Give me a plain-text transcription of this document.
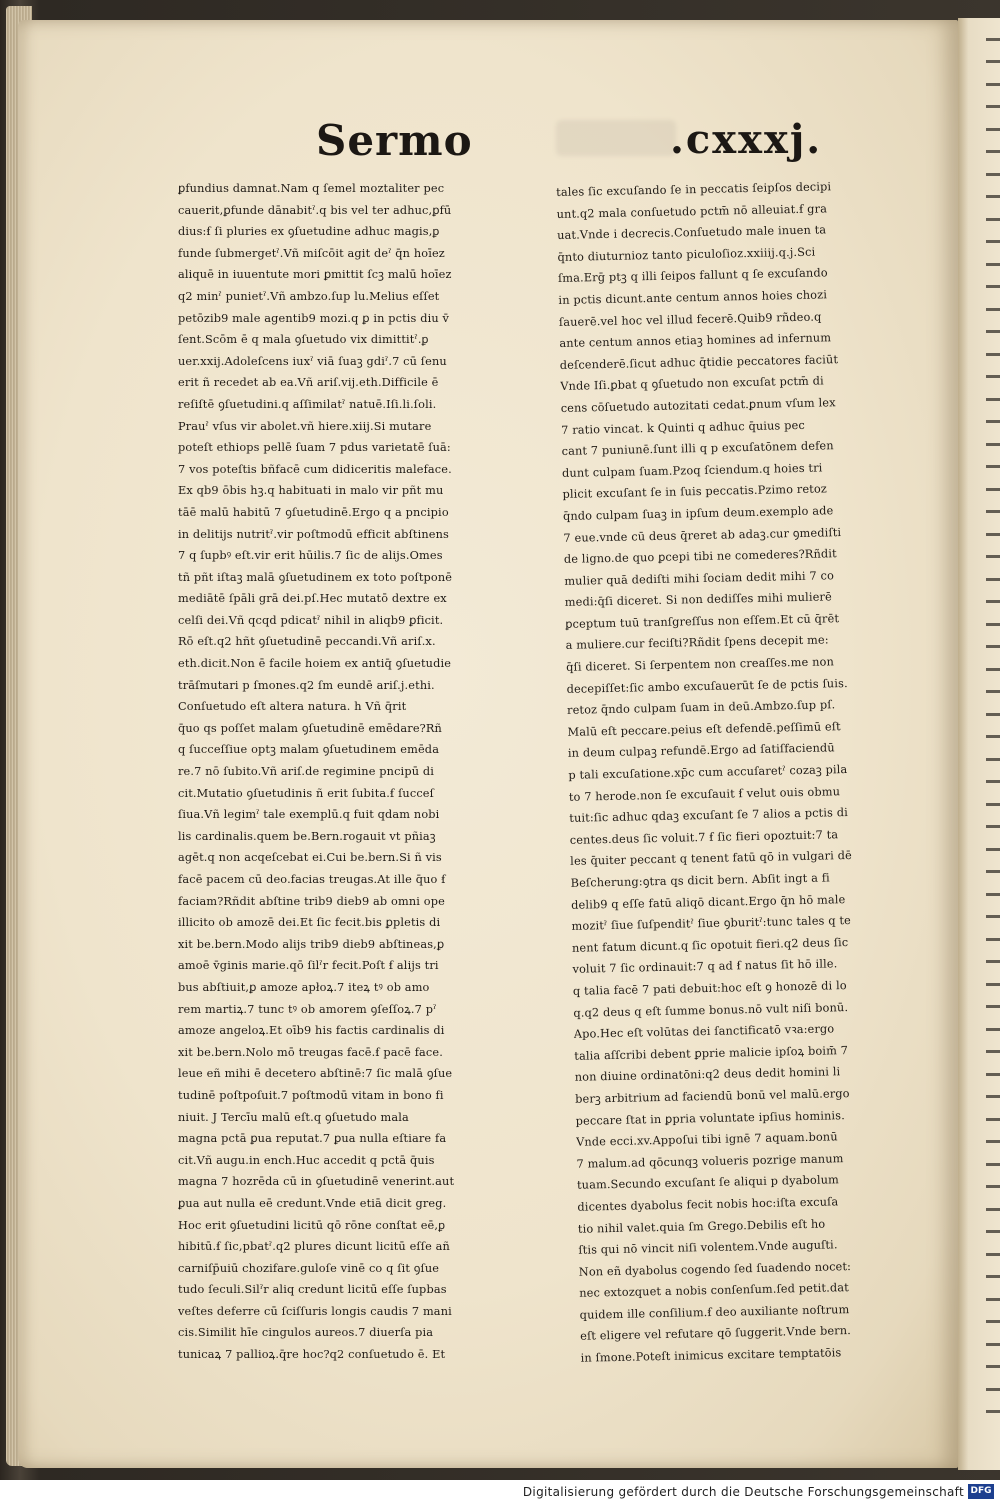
Sermo	.cxxxj.
ꝑfundius damnat.Nam q ſemel moztaliter pec
cauerit,ꝑfunde dānabitˀ.q bis vel ter adhuc,ꝑfū
dius:ẜ ſi pluries ex ꝯſuetudine adhuc magis,ꝑ
funde ſubmergetˀ.Vñ miſcōit agit deˀ q̄n hoīez
aliquē in iuuentute mori ꝑmittit ſcꝫ malū hoīez
q2 minˀ punietˀ.Vñ ambzo.ſup lu.Melius eſſet
petōzib9 male agentib9 mozi.q ꝑ in pctis diu v̄
ſent.Scōm ē q mala ꝯſuetudo vix dimittitˀ.ꝑ
uer.xxij.Adoleſcens iuxˀ viā ſuaꝫ gdiˀ.7 cū ſenu
erit ñ recedet ab ea.Vñ ariſ.vij.eth.Difficile ē
reſiſtē ꝯſuetudini.q aſſimilatˀ natuē.Iſi.li.ſoli.
Prauˀ vſus vir abolet.vñ hiere.xiij.Si mutare
poteſt ethiops pellē ſuam 7 pdus varietatē ſuā:
7 vos poteſtis bñfacē cum didiceritis maleface.
Ex qb9 ōbis hꝫ.q habituati in malo vir pñt mu
tāē malū habitū 7 ꝯſuetudinē.Ergo q a pncipio
in delitijs nutritˀ.vir poſtmodū efficit abſtinens
7 q ſupbꝰ eſt.vir erit hūilis.7 ſic de alijs.Omes
tñ pñt iſtaꝫ malā ꝯſuetudinem ex toto poſtponē
mediātē ſpāli grā dei.pſ.Hec mutatō dextre ex
celſi dei.Vñ qcqd pdicatˀ nihil in aliqb9 ꝑficit.
Rō eſt.q2 hñt ꝯſuetudinē peccandi.Vñ ariſ.x.
eth.dicit.Non ē facile hoiem ex antiq̄ ꝯſuetudie
trāſmutari p ſmones.q2 ſm eundē ariſ.j.ethi.
Conſuetudo eſt altera natura. h Vñ q̄rit
q̄uo qs poſſet malam ꝯſuetudinē emēdare?Rñ
q ſucceſſiue optꝫ malam ꝯſuetudinem emēda
re.7 nō ſubito.Vñ ariſ.de regimine pncipū di
cit.Mutatio ꝯſuetudinis ñ erit ſubita.ẜ ſucceſ
ſiua.Vñ legimˀ tale exemplū.q fuit qdam nobi
lis cardinalis.quem be.Bern.rogauit vt pñiaꝫ
agēt.q non acqeſcebat ei.Cui be.bern.Si ñ vis
facē pacem cū deo.facias treugas.At ille q̄uo ẜ
faciam?Rñdit abſtine trib9 dieb9 ab omni ope
illicito ob amozē dei.Et ſic fecit.bis ꝑpletis di
xit be.bern.Modo alijs trib9 dieb9 abſtineas,ꝑ
amoē v̄ginis marie.qō ſilˀr fecit.Poſt ẜ alijs tri
bus abſtiuit,ꝑ amoze apłoꝝ.7 iteꝝ tꝰ ob amo
rem martiꝝ.7 tunc tꝰ ob amorem ꝯſeſſoꝝ.7 pˀ
amoze angeloꝝ.Et oīb9 his factis cardinalis di
xit be.bern.Nolo mō treugas facē.ẜ pacē face.
leue eñ mihi ē decetero abſtinē:7 ſic malā ꝯſue
tudinē poſtpoſuit.7 poſtmodū vitam in bono fi
niuit. J Tercīu malū eſt.q ꝯſuetudo mala
magna pctā ꝑua reputat.7 ꝑua nulla eſtiare fa
cit.Vñ augu.in ench.Huc accedit q pctā q̄uis
magna 7 hozrēda cū in ꝯſuetudinē venerint.aut
ꝑua aut nulla eē credunt.Vnde etiā dicit greg.
Hoc erit ꝯſuetudini licitū qō rōne conſtat eē,ꝑ
hibitū.ẜ ſic,pbatˀ.q2 plures dicunt licitū eſſe añ
carniſp̄uiū chozifare.guloſe vinē co q ſit ꝯſue
tudo ſeculi.Silˀr aliq credunt licitū eſſe ſupbas
veſtes deferre cū ſciſſuris longis caudis 7 mani
cis.Similit hīe cingulos aureos.7 diuerſa pia
tunicaꝝ 7 pallioꝝ.q̄re hoc?q2 conſuetudo ē. Et
tales ſic excuſando ſe in peccatis ſeipſos decipi
unt.q2 mala conſuetudo pctm̄ nō alleuiat.ẜ gra
uat.Vnde i decrecis.Conſuetudo male inuen ta
q̄nto diuturnioz tanto piculoſioz.xxiiij.q.j.Sci
ſma.Erḡ ptꝫ q illi ſeipos fallunt q ſe excuſando
in pctis dicunt.ante centum annos hoies chozi
ſauerē.vel hoc vel illud fecerē.Quib9 rñdeo.q
ante centum annos etiaꝫ homines ad infernum
deſcenderē.ſicut adhuc q̄tidie peccatores faciūt
Vnde Iſi.ꝑbat q ꝯſuetudo non excuſat pctm̄ di
cens cōſuetudo autozitati cedat.ꝑnum vſum lex
7 ratio vincat. k Quinti q adhuc q̄uius pec
cant 7 puniunē.ſunt illi q p excuſatōnem defen
dunt culpam ſuam.Pzoq ſciendum.q hoies tri
plicit excuſant ſe in ſuis peccatis.Pzimo retoz
q̄ndo culpam ſuaꝫ in ipſum deum.exemplo ade
7 eue.vnde cū deus q̄reret ab adaꝫ.cur ꝯmediſti
de ligno.de quo ꝑcepi tibi ne comederes?Rñdit
mulier quā dediſti mihi ſociam dedit mihi 7 co
medi:q̄ſi diceret. Si non dediſſes mihi mulierē
ꝑceptum tuū tranſgreſſus non eſſem.Et cū q̄rēt
a muliere.cur feciſti?Rñdit ſpens decepit me:
q̄ſi diceret. Si ſerpentem non creaſſes.me non
decepiſſet:ſic ambo excuſauerūt ſe de pctis ſuis.
retoz q̄ndo culpam ſuam in deū.Ambzo.ſup pſ.
Malū eſt peccare.peius eſt defendē.peſſimū eſt
in deum culpaꝫ refundē.Ergo ad ſatiſfaciendū
p tali excuſatione.xp̄c cum accuſaretˀ cozaꝫ pila
to 7 herode.non ſe excuſauit ẜ velut ouis obmu
tuit:ſic adhuc qdaꝫ excuſant ſe 7 alios a pctis di
centes.deus ſic voluit.7 ẜ ſic fieri opoztuit:7 ta
les q̄uiter peccant q tenent fatū qō in vulgari dē
Beſcherung:ꝯtra qs dicit bern. Abſit ingt a fi
delib9 q eſſe fatū aliqō dicant.Ergo q̄n hō male
mozitˀ ſiue ſuſpenditˀ ſiue ꝯburitˀ:tunc tales q te
nent fatum dicunt.q ſic opotuit fieri.q2 deus ſic
voluit 7 ſic ordinauit:7 q ad ẜ natus ſit hō ille.
q talia facē 7 pati debuit:hoc eſt ꝯ honozē di lo
q.q2 deus q eſt ſumme bonus.nō vult niſi bonū.
Apo.Hec eſt volūtas dei ſanctificatō vꝛa:ergo
talia aſſcribi debent ꝑprie malicie ipſoꝝ boim̄ 7
non diuine ordinatōni:q2 deus dedit homini li
berꝫ arbitrium ad faciendū bonū vel malū.ergo
peccare ſtat in ꝑpria voluntate ipſius hominis.
Vnde ecci.xv.Appoſui tibi ignē 7 aquam.bonū
7 malum.ad qōcunqꝫ volueris pozrige manum
tuam.Secundo excuſant ſe aliqui p dyabolum
dicentes dyabolus fecit nobis hoc:iſta excuſa
tio nihil valet.quia ſm Grego.Debilis eſt ho
ſtis qui nō vincit niſi volentem.Vnde auguſti.
Non eñ dyabolus cogendo ſed ſuadendo nocet:
nec extozquet a nobis conſenſum.ſed petit.dat
quidem ille conſilium.ẜ deo auxiliante noſtrum
eſt eligere vel refutare qō ſuggerit.Vnde bern.
in ſmone.Poteſt inimicus excitare temptatōis
Digitalisierung gefördert durch die Deutsche Forschungsgemeinschaft DFG
